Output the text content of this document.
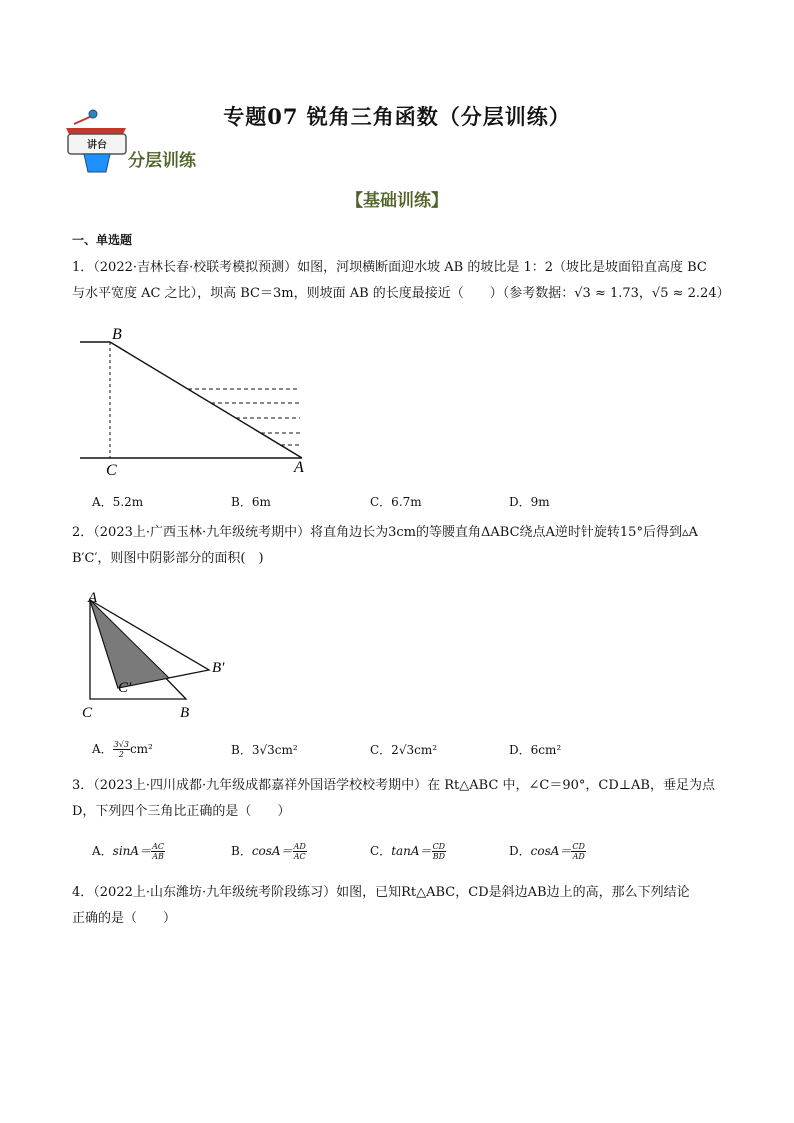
讲台
专题07 锐角三角函数（分层训练）
分层训练
【基础训练】
一、单选题
1．（2022·吉林长春·校联考模拟预测）如图，河坝横断面迎水坡 AB 的坡比是 1：2（坡比是坡面铅直高度 BC
与水平宽度 AC 之比），坝高 BC＝3m，则坡面 AB 的长度最接近（　　）（参考数据：√3 ≈ 1.73，√5 ≈ 2.24）
B
C	A
A．5.2m	B．6m	C．6.7m	D．9m
2．（2023上·广西玉林·九年级统考期中）将直角边长为3cm的等腰直角ΔABC绕点A逆时针旋转15°后得到▵A
B′C′，则图中阴影部分的面积(　)
A
B′
C′
C	B
A． $\frac{3√3}{2} cm^2$	B．3√3cm²	C．2√3cm²	D．6cm²
3．（2023上·四川成都·九年级成都嘉祥外国语学校校考期中）在 Rt△ABC 中，∠C＝90°，CD⊥AB，垂足为点
D，下列四个三角比正确的是（　　）
A．$\sin A= \frac{AC}{AB}$	B．$\cos A= \frac{AD}{AC}$	C．$\tan A= \frac{CD}{BD}$	D．$\cos A= \frac{CD}{AD}$
4．（2022上·山东潍坊·九年级统考阶段练习）如图，已知Rt△ABC，CD是斜边AB边上的高，那么下列结论
正确的是（　　）
